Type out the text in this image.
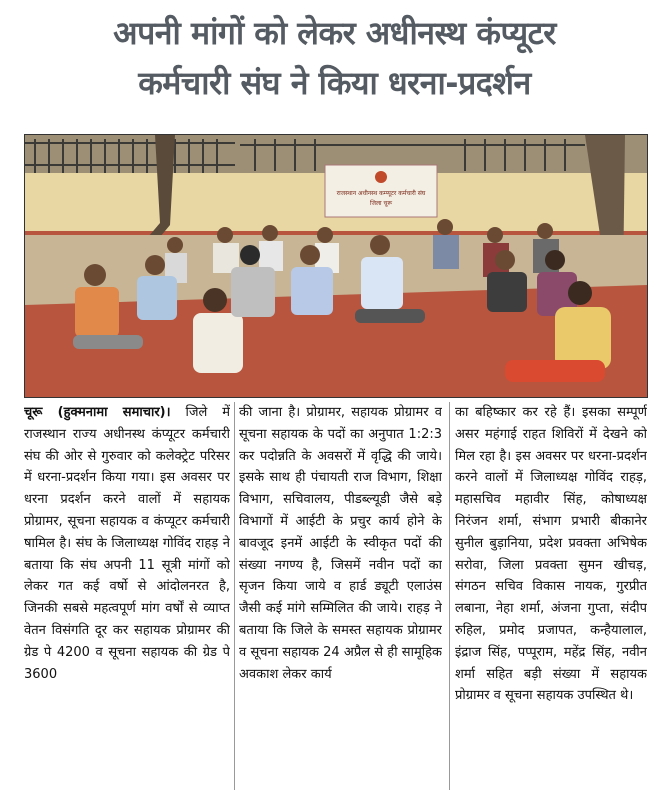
अपनी मांगों को लेकर अधीनस्थ कंप्यूटर
कर्मचारी संघ ने किया धरना-प्रदर्शन
राजस्थान अधीनस्थ कम्प्यूटर कर्मचारी संघ
जिला चूरू
चूरू (हुक्मनामा समाचार)। जिले में राजस्थान राज्य अधीनस्थ कंप्यूटर कर्मचारी संघ की ओर से गुरुवार को कलेक्ट्रेट परिसर में धरना-प्रदर्शन किया गया। इस अवसर पर धरना प्रदर्शन करने वालों में सहायक प्रोग्रामर, सूचना सहायक व कंप्यूटर कर्मचारी षामिल है। संघ के जिलाध्यक्ष गोविंद राहड़ ने बताया कि संघ अपनी 11 सूत्री मांगों को लेकर गत कई वर्षो से आंदोलनरत है, जिनकी सबसे महत्वपूर्ण मांग वर्षों से व्याप्त वेतन विसंगति दूर कर सहायक प्रोग्रामर की ग्रेड पे 4200 व सूचना सहायक की ग्रेड पे 3600
की जाना है। प्रोग्रामर, सहायक प्रोग्रामर व सूचना सहायक के पदों का अनुपात 1:2:3 कर पदोन्नति के अवसरों में वृद्धि की जाये। इसके साथ ही पंचायती राज विभाग, शिक्षा विभाग, सचिवालय, पीडब्ल्यूडी जैसे बड़े विभागों में आईटी के प्रचुर कार्य होने के बावजूद इनमें आईटी के स्वीकृत पदों की संख्या नगण्य है, जिसमें नवीन पदों का सृजन किया जाये व हार्ड ड्यूटी एलाउंस जैसी कई मांगे सम्मिलित की जाये। राहड़ ने बताया कि जिले के समस्त सहायक प्रोग्रामर व सूचना सहायक 24 अप्रैल से ही सामूहिक अवकाश लेकर कार्य
का बहिष्कार कर रहे हैं। इसका सम्पूर्ण असर महंगाई राहत शिविरों में देखने को मिल रहा है। इस अवसर पर धरना-प्रदर्शन करने वालों में जिलाध्यक्ष गोविंद राहड़, महासचिव महावीर सिंह, कोषाध्यक्ष निरंजन शर्मा, संभाग प्रभारी बीकानेर सुनील बुड़ानिया, प्रदेश प्रवक्ता अभिषेक सरोवा, जिला प्रवक्ता सुमन खीचड़, संगठन सचिव विकास नायक, गुरप्रीत लबाना, नेहा शर्मा, अंजना गुप्ता, संदीप रुहिल, प्रमोद प्रजापत, कन्हैयालाल, इंद्राज सिंह, पप्पूराम, महेंद्र सिंह, नवीन शर्मा सहित बड़ी संख्या में सहायक प्रोग्रामर व सूचना सहायक उपस्थित थे।
